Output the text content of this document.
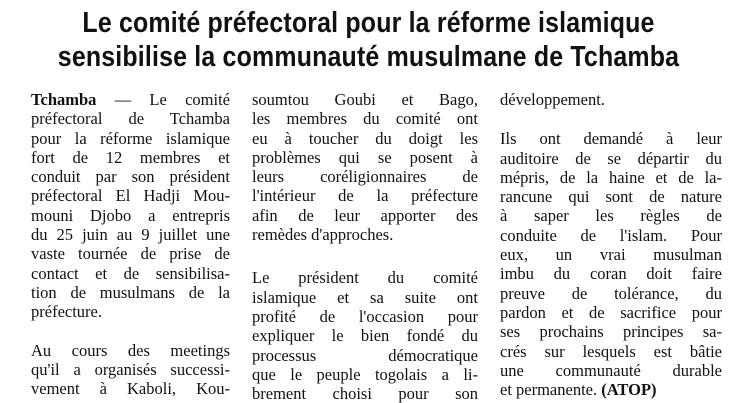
Le comité préfectoral pour la réforme islamique
sensibilise la communauté musulmane de Tchamba

Tchamba — Le comité
préfectoral de Tchamba
pour la réforme islamique
fort de 12 membres et
conduit par son président
préfectoral El Hadji Mou-
mouni Djobo a entrepris
du 25 juin au 9 juillet une
vaste tournée de prise de
contact et de sensibilisa-
tion de musulmans de la
préfecture.

Au cours des meetings
qu'il a organisés successi-
vement à Kaboli, Kou-

soumtou Goubi et Bago,
les membres du comité ont
eu à toucher du doigt les
problèmes qui se posent à
leurs coréligionnaires de
l'intérieur de la préfecture
afin de leur apporter des
remèdes d'approches.

Le président du comité
islamique et sa suite ont
profité de l'occasion pour
expliquer le bien fondé du
processus démocratique
que le peuple togolais a li-
brement choisi pour son

développement.

Ils ont demandé à leur
auditoire de se départir du
mépris, de la haine et de la-
rancune qui sont de nature
à saper les règles de
conduite de l'islam. Pour
eux, un vrai musulman
imbu du coran doit faire
preuve de tolérance, du
pardon et de sacrifice pour
ses prochains principes sa-
crés sur lesquels est bâtie
une communauté durable
et permanente. (ATOP)
